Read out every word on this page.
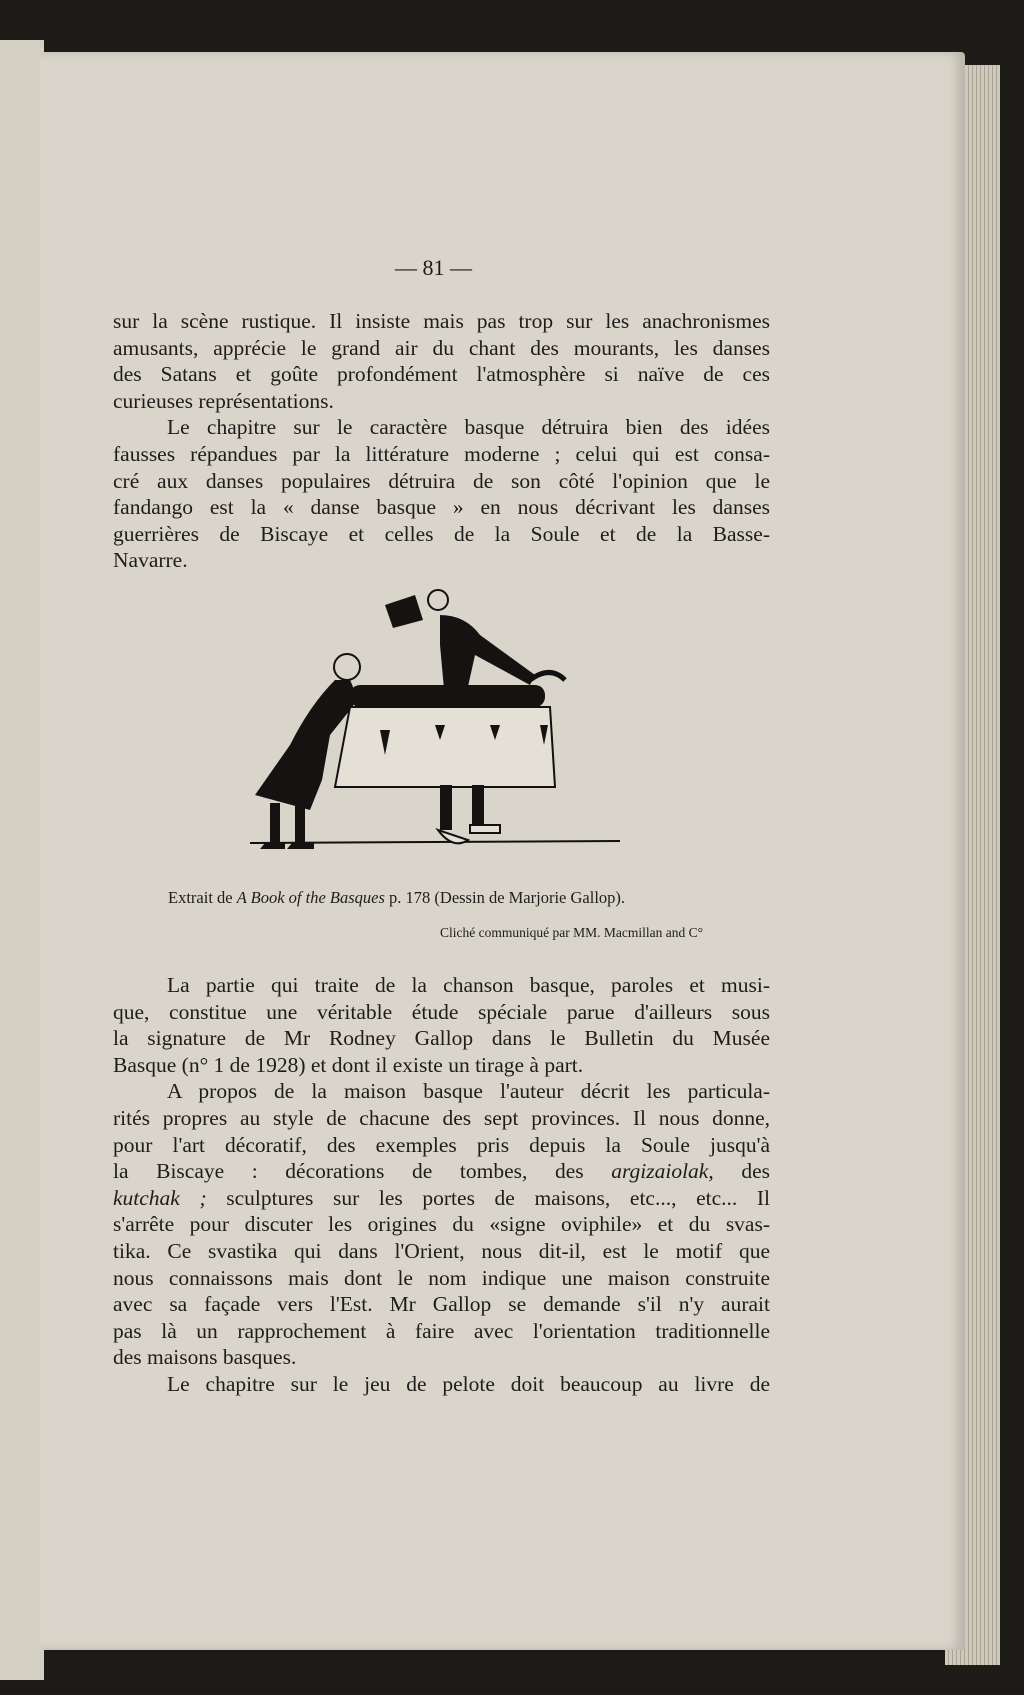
— 81 —
sur la scène rustique. Il insiste mais pas trop sur les anachronismes
amusants, apprécie le grand air du chant des mourants, les danses
des Satans et goûte profondément l'atmosphère si naïve de ces
curieuses représentations.
Le chapitre sur le caractère basque détruira bien des idées
fausses répandues par la littérature moderne ; celui qui est consa-
cré aux danses populaires détruira de son côté l'opinion que le
fandango est la « danse basque » en nous décrivant les danses
guerrières de Biscaye et celles de la Soule et de la Basse-
Navarre.
Extrait de A Book of the Basques p. 178 (Dessin de Marjorie Gallop).
Cliché communiqué par MM. Macmillan and C°
La partie qui traite de la chanson basque, paroles et musi-
que, constitue une véritable étude spéciale parue d'ailleurs sous
la signature de Mr Rodney Gallop dans le Bulletin du Musée
Basque (n° 1 de 1928) et dont il existe un tirage à part.
A propos de la maison basque l'auteur décrit les particula-
rités propres au style de chacune des sept provinces. Il nous donne,
pour l'art décoratif, des exemples pris depuis la Soule jusqu'à
la Biscaye : décorations de tombes, des argizaiolak, des
kutchak ; sculptures sur les portes de maisons, etc..., etc... Il
s'arrête pour discuter les origines du «signe oviphile» et du svas-
tika. Ce svastika qui dans l'Orient, nous dit-il, est le motif que
nous connaissons mais dont le nom indique une maison construite
avec sa façade vers l'Est. Mr Gallop se demande s'il n'y aurait
pas là un rapprochement à faire avec l'orientation traditionnelle
des maisons basques.
Le chapitre sur le jeu de pelote doit beaucoup au livre de
